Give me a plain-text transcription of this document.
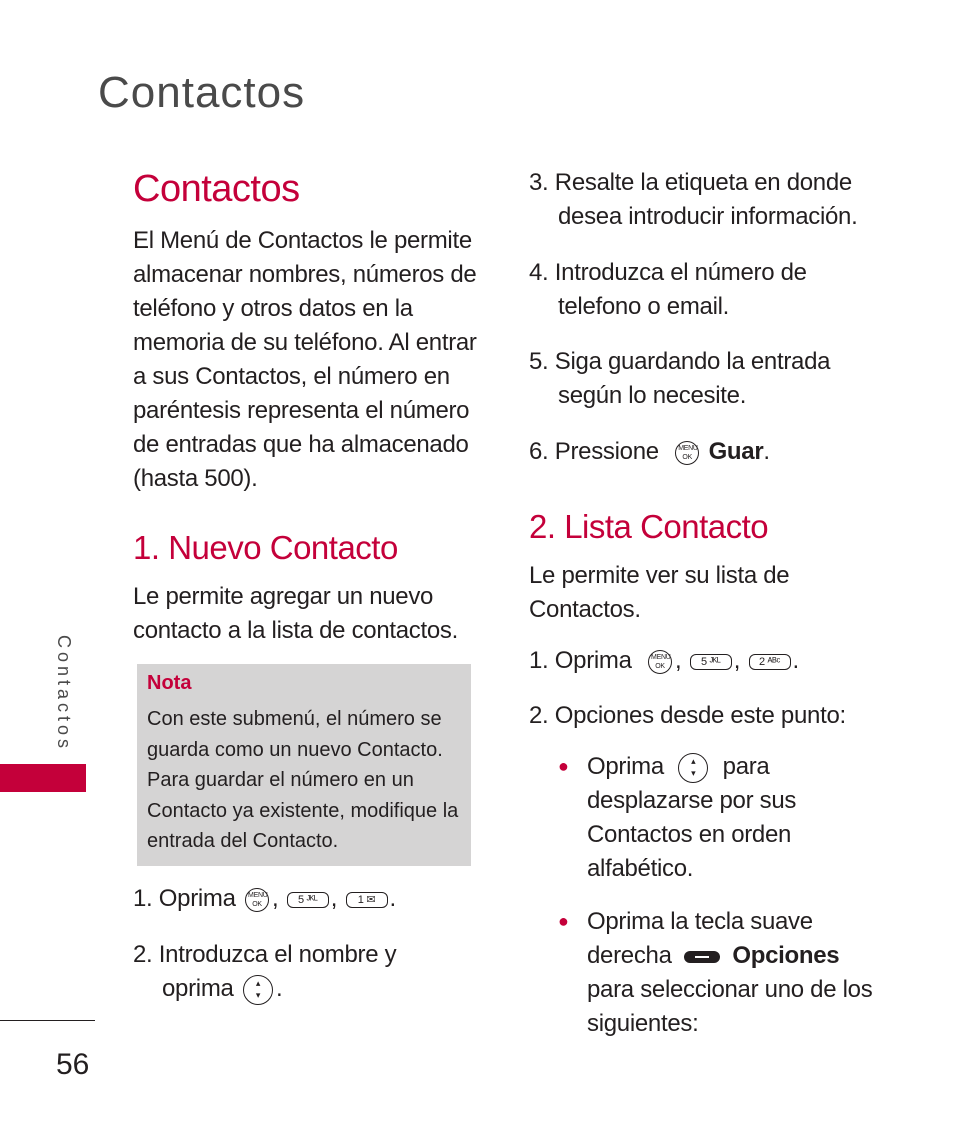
Contactos
Contactos
56
Contactos
El Menú de Contactos le permite
almacenar nombres, números de
teléfono y otros datos en la
memoria de su teléfono. Al entrar
a sus Contactos, el número en
paréntesis representa el número
de entradas que ha almacenado
(hasta 500).
1. Nuevo Contacto
Le permite agregar un nuevo
contacto a la lista de contactos.
Nota
Con este submenú, el número se
guarda como un nuevo Contacto.
Para guardar el número en un
Contacto ya existente, modifique la
entrada del Contacto.
1. Oprima MENU
OK , 5 ᴶᴷᴸ , 1 ✉ .
2. Introduzca el nombre y
oprima ▴
▾ .
3. Resalte la etiqueta en donde
desea introducir información.
4. Introduzca el número de
telefono o email.
5. Siga guardando la entrada
según lo necesite.
6. Pressione	MENU
OK Guar.
2. Lista Contacto
Le permite ver su lista de
Contactos.
1. Oprima	MENU
OK , 5 ᴶᴷᴸ , 2 ᴬᴮᶜ .
2. Opciones desde este punto:
● Oprima	▴
▾ para
desplazarse por sus
Contactos en orden
alfabético.
● Oprima la tecla suave
derecha	Opciones
para seleccionar uno de los
siguientes:
